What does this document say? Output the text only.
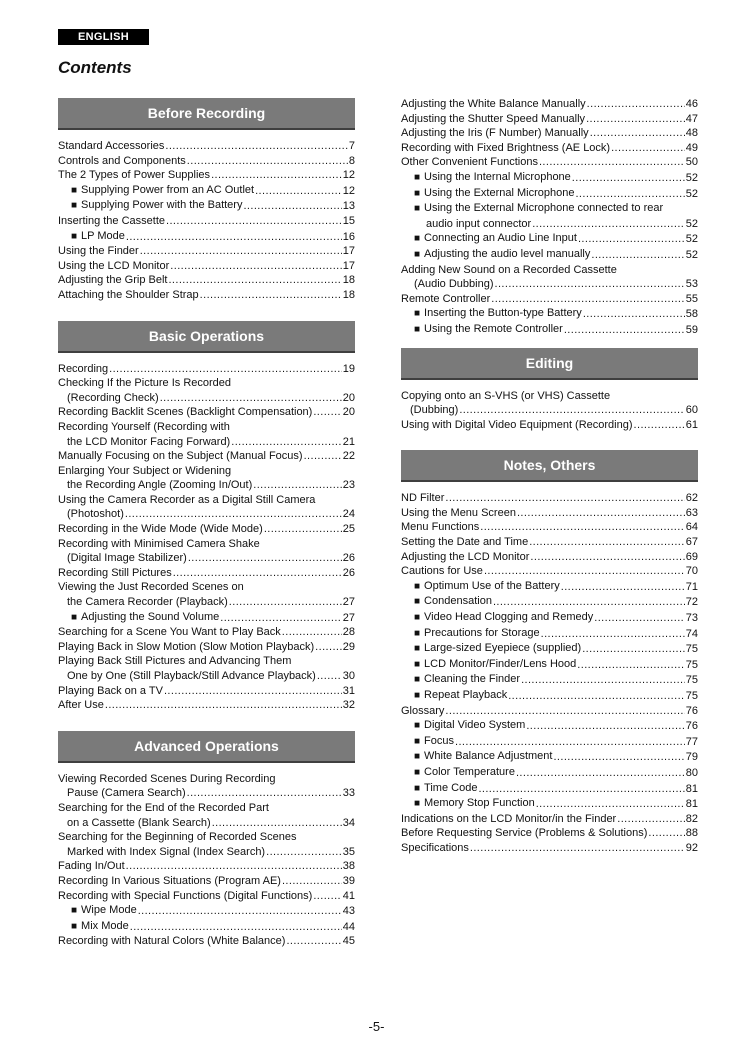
ENGLISH
Contents
Before Recording
Standard Accessories .....	7
Controls and Components .....	8
The 2 Types of Power Supplies .....	12
■ Supplying Power from an AC Outlet .....	12
■ Supplying Power with the Battery .....	13
Inserting the Cassette .....	15
■ LP Mode .....	16
Using the Finder .....	17
Using the LCD Monitor .....	17
Adjusting the Grip Belt .....	18
Attaching the Shoulder Strap .....	18
Basic Operations
Recording .....	19
Checking If the Picture Is Recorded
(Recording Check) .....	20
Recording Backlit Scenes (Backlight Compensation) .....	20
Recording Yourself (Recording with
the LCD Monitor Facing Forward) .....	21
Manually Focusing on the Subject (Manual Focus) .....	22
Enlarging Your Subject or Widening
the Recording Angle (Zooming In/Out) .....	23
Using the Camera Recorder as a Digital Still Camera
(Photoshot) .....	24
Recording in the Wide Mode (Wide Mode) .....	25
Recording with Minimised Camera Shake
(Digital Image Stabilizer) .....	26
Recording Still Pictures .....	26
Viewing the Just Recorded Scenes on
the Camera Recorder (Playback) .....	27
■ Adjusting the Sound Volume .....	27
Searching for a Scene You Want to Play Back .....	28
Playing Back in Slow Motion (Slow Motion Playback) .....	29
Playing Back Still Pictures and Advancing Them
One by One (Still Playback/Still Advance Playback) ..... 30
Playing Back on a TV .....	31
After Use .....	32
Advanced Operations
Viewing Recorded Scenes During Recording
Pause (Camera Search) .....	33
Searching for the End of the Recorded Part
on a Cassette (Blank Search) .....	34
Searching for the Beginning of Recorded Scenes
Marked with Index Signal (Index Search) .....	35
Fading In/Out .....	38
Recording In Various Situations (Program AE) .....	39
Recording with Special Functions (Digital Functions) .....	41
■ Wipe Mode .....	43
■ Mix Mode .....	44
Recording with Natural Colors (White Balance) .....	45
Adjusting the White Balance Manually .....	46
Adjusting the Shutter Speed Manually .....	47
Adjusting the Iris (F Number) Manually .....	48
Recording with Fixed Brightness (AE Lock) .....	49
Other Convenient Functions .....	50
■ Using the Internal Microphone .....	52
■ Using the External Microphone .....	52
■ Using the External Microphone connected to rear
audio input connector .....	52
■ Connecting an Audio Line Input .....	52
■ Adjusting the audio level manually .....	52
Adding New Sound on a Recorded Cassette
(Audio Dubbing) .....	53
Remote Controller .....	55
■ Inserting the Button-type Battery .....	58
■ Using the Remote Controller .....	59
Editing
Copying onto an S-VHS (or VHS) Cassette
(Dubbing) .....	60
Using with Digital Video Equipment (Recording) .....	61
Notes, Others
ND Filter .....	62
Using the Menu Screen .....	63
Menu Functions .....	64
Setting the Date and Time .....	67
Adjusting the LCD Monitor .....	69
Cautions for Use .....	70
■ Optimum Use of the Battery .....	71
■ Condensation .....	72
■ Video Head Clogging and Remedy .....	73
■ Precautions for Storage .....	74
■ Large-sized Eyepiece (supplied) .....	75
■ LCD Monitor/Finder/Lens Hood .....	75
■ Cleaning the Finder .....	75
■ Repeat Playback .....	75
Glossary .....	76
■ Digital Video System .....	76
■ Focus .....	77
■ White Balance Adjustment .....	79
■ Color Temperature .....	80
■ Time Code .....	81
■ Memory Stop Function .....	81
Indications on the LCD Monitor/in the Finder .....	82
Before Requesting Service (Problems & Solutions) .....	88
Specifications .....	92
-5-
